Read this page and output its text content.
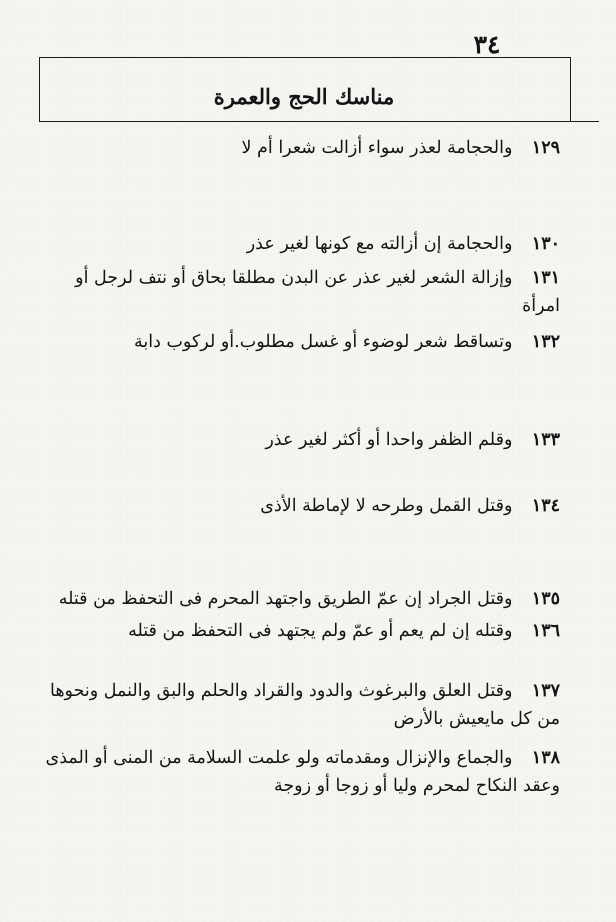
٣٤
مناسك الحج والعمرة
١٢٩ والحجامة لعذر سواء أزالت شعرا أم لا
١٣٠ والحجامة إن أزالته مع كونها لغير عذر
١٣١ وإزالة الشعر لغير عذر عن البدن مطلقا بحاق أو نتف لرجل أو
امرأة
١٣٢ وتساقط شعر لوضوء أو غسل مطلوب.أو لركوب دابة
١٣٣ وقلم الظفر واحدا أو أكثر لغير عذر
١٣٤ وقتل القمل وطرحه لا لإماطة الأذى
١٣٥ وقتل الجراد إن عمّ الطريق واجتهد المحرم فى التحفظ من قتله
١٣٦ وقتله إن لم يعم أو عمّ ولم يجتهد فى التحفظ من قتله
١٣٧ وقتل العلق والبرغوث والدود والقراد والحلم والبق والنمل ونحوها
من كل مايعيش بالأرض
١٣٨ والجماع والإنزال ومقدماته ولو علمت السلامة من المنى أو المذى
وعقد النكاح لمحرم وليا أو زوجا أو زوجة
